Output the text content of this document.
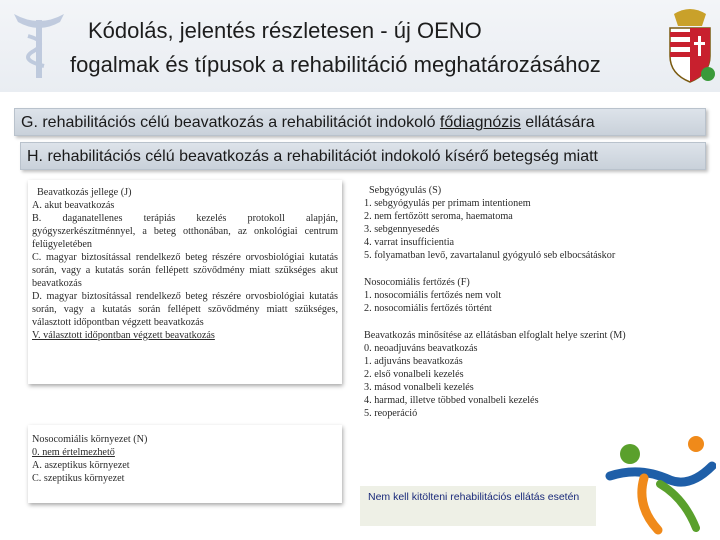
Kódolás, jelentés részletesen - új OENO
fogalmak és típusok a rehabilitáció meghatározásához
G. rehabilitációs célú beavatkozás a rehabilitációt indokoló fődiagnózis ellátására
H. rehabilitációs célú beavatkozás a rehabilitációt indokoló kísérő betegség miatt
Beavatkozás jellege (J)
A. akut beavatkozás
B. daganatellenes terápiás kezelés protokoll alapján, gyógyszerkészítménnyel, a beteg otthonában, az onkológiai centrum felügyeletében
C. magyar biztosítással rendelkező beteg részére orvosbiológiai kutatás során, vagy a kutatás során fellépett szövődmény miatt szükséges akut beavatkozás
D. magyar biztosítással rendelkező beteg részére orvosbiológiai kutatás során, vagy a kutatás során fellépett szövődmény miatt szükséges, választott időpontban végzett beavatkozás
V. választott időpontban végzett beavatkozás
Nosocomiális környezet (N)
0. nem értelmezhető
A. aszeptikus környezet
C. szeptikus környezet
Sebgyógyulás (S)
1. sebgyógyulás per primam intentionem
2. nem fertőzött seroma, haematoma
3. sebgennyesedés
4. varrat insufficientia
5. folyamatban levő, zavartalanul gyógyuló seb elbocsátáskor
Nosocomiális fertőzés (F)
1. nosocomiális fertőzés nem volt
2. nosocomiális fertőzés történt
Beavatkozás minősítése az ellátásban elfoglalt helye szerint (M)
0. neoadjuváns beavatkozás
1. adjuváns beavatkozás
2. első vonalbeli kezelés
3. másod vonalbeli kezelés
4. harmad, illetve többed vonalbeli kezelés
5. reoperáció
Nem kell kitölteni rehabilitációs ellátás esetén
